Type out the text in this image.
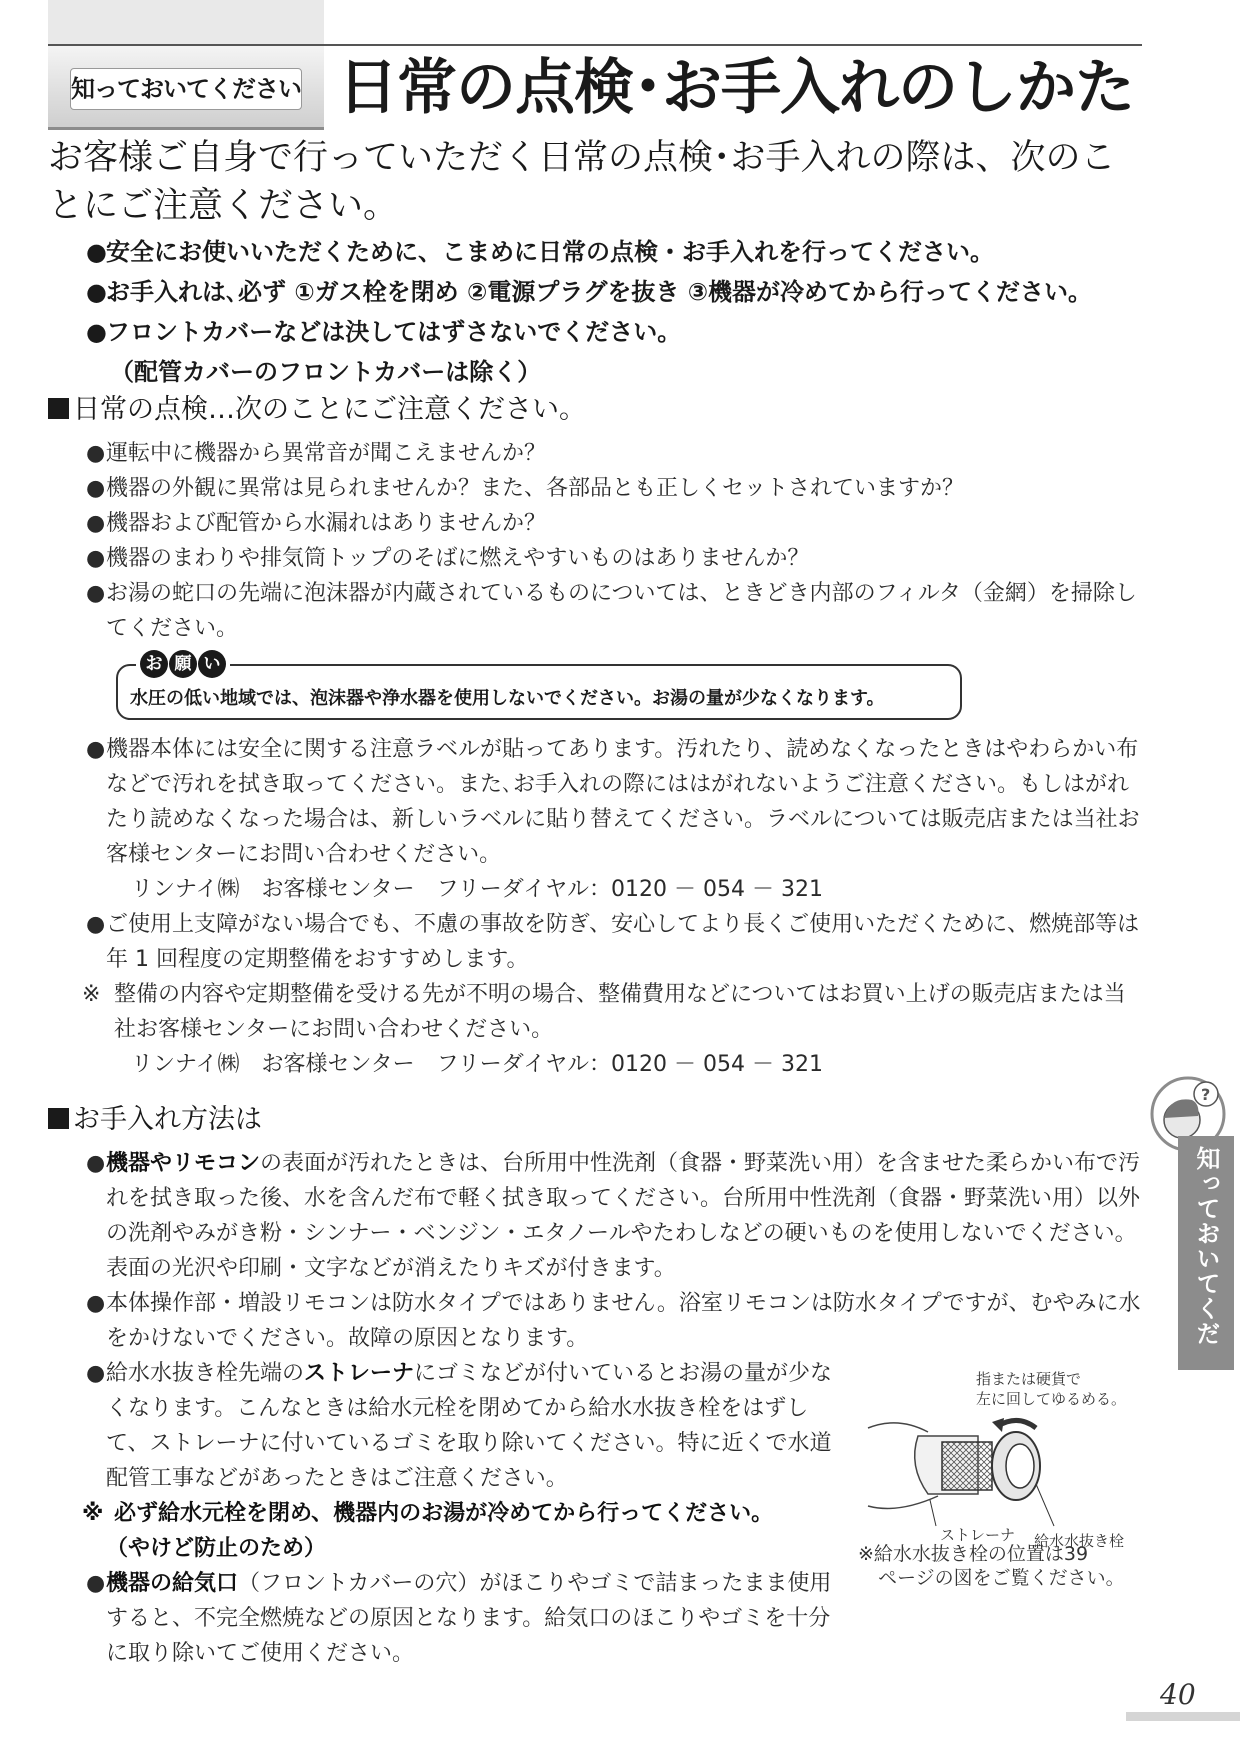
知っておいてください 日常の点検･お手入れのしかた
お客様ご自身で行っていただく日常の点検･お手入れの際は、次のことにご注意ください。
● 安全にお使いいただくために、こまめに日常の点検・お手入れを行ってください。
● お手入れは､必ず ①ガス栓を閉め ②電源プラグを抜き ③機器が冷めてから行ってください。
● フロントカバーなどは決してはずさないでください。
（配管カバーのフロントカバーは除く）
日常の点検…次のことにご注意ください。
● 運転中に機器から異常音が聞こえませんか？
● 機器の外観に異常は見られませんか？また、各部品とも正しくセットされていますか？
● 機器および配管から水漏れはありませんか？
● 機器のまわりや排気筒トップのそばに燃えやすいものはありませんか？
● お湯の蛇口の先端に泡沫器が内蔵されているものについては、ときどき内部のフィルタ（金網）を掃除してください。
お 願 い
水圧の低い地域では、泡沫器や浄水器を使用しないでください。お湯の量が少なくなります。
● 機器本体には安全に関する注意ラベルが貼ってあります。汚れたり、読めなくなったときはやわらかい布などで汚れを拭き取ってください。また､お手入れの際にははがれないようご注意ください。もしはがれたり読めなくなった場合は、新しいラベルに貼り替えてください。ラベルについては販売店または当社お客様センターにお問い合わせください。
リンナイ㈱　お客様センター　フリーダイヤル：0120 － 054 － 321
● ご使用上支障がない場合でも、不慮の事故を防ぎ、安心してより長くご使用いただくために、燃焼部等は年 1 回程度の定期整備をおすすめします。
※ 整備の内容や定期整備を受ける先が不明の場合、整備費用などについてはお買い上げの販売店または当社お客様センターにお問い合わせください。
リンナイ㈱　お客様センター　フリーダイヤル：0120 － 054 － 321
お手入れ方法は
● 機器やリモコンの表面が汚れたときは、台所用中性洗剤（食器・野菜洗い用）を含ませた柔らかい布で汚れを拭き取った後、水を含んだ布で軽く拭き取ってください。台所用中性洗剤（食器・野菜洗い用）以外の洗剤やみがき粉・シンナー・ベンジン・エタノールやたわしなどの硬いものを使用しないでください。表面の光沢や印刷・文字などが消えたりキズが付きます。
● 本体操作部・増設リモコンは防水タイプではありません。浴室リモコンは防水タイプですが、むやみに水をかけないでください。故障の原因となります。
● 給水水抜き栓先端のストレーナにゴミなどが付いているとお湯の量が少なくなります。こんなときは給水元栓を閉めてから給水水抜き栓をはずして、ストレーナに付いているゴミを取り除いてください。特に近くで水道配管工事などがあったときはご注意ください。
※ 必ず給水元栓を閉め、機器内のお湯が冷めてから行ってください。
（やけど防止のため）
● 機器の給気口（フロントカバーの穴）がほこりやゴミで詰まったまま使用すると、不完全燃焼などの原因となります。給気口のほこりやゴミを十分に取り除いてご使用ください。
指または硬貨で
左に回してゆるめる。
ストレーナ 給水水抜き栓
※給水水抜き栓の位置は39
ページの図をご覧ください。
?
知っておいてください
40
